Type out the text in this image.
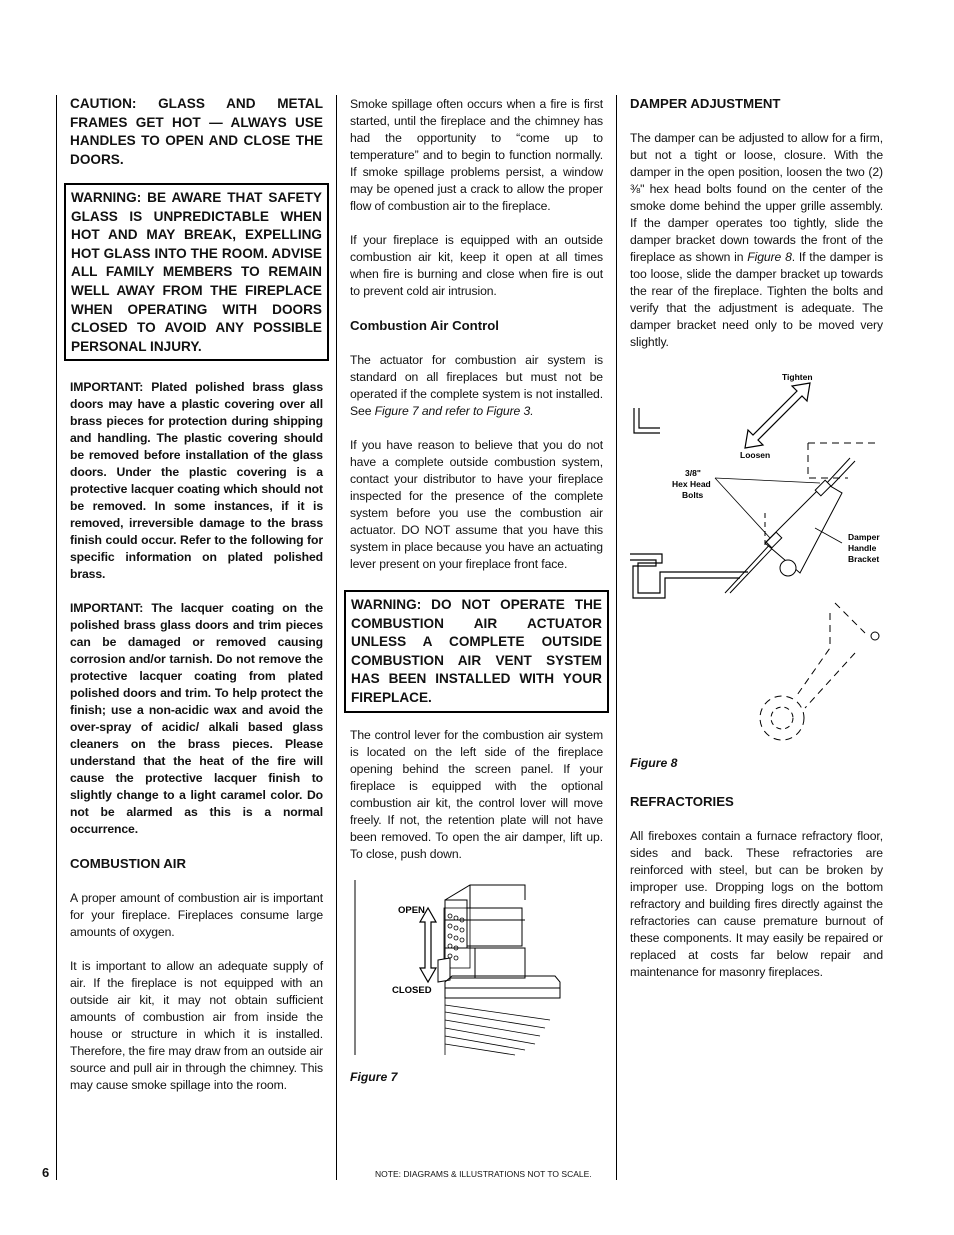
CAUTION: GLASS AND METAL FRAMES GET HOT — ALWAYS USE HANDLES TO OPEN AND CLOSE THE DOORS.
WARNING: BE AWARE THAT SAFETY GLASS IS UNPREDICTABLE WHEN HOT AND MAY BREAK, EXPELLING HOT GLASS INTO THE ROOM. ADVISE ALL FAMILY MEMBERS TO REMAIN WELL AWAY FROM THE FIREPLACE WHEN OPERATING WITH DOORS CLOSED TO AVOID ANY POSSIBLE PERSONAL INJURY.

IMPORTANT: Plated polished brass glass doors may have a plastic covering over all brass pieces for protection during shipping and handling. The plastic covering should be removed before installation of the glass doors. Under the plastic covering is a protective lacquer coating which should not be removed. In some instances, if it is removed, irreversible damage to the brass finish could occur. Refer to the following for specific information on plated polished brass.

IMPORTANT: The lacquer coating on the polished brass glass doors and trim pieces can be damaged or removed causing corrosion and/or tarnish. Do not remove the protective lacquer coating from plated polished doors and trim. To help protect the finish; use a non-acidic wax and avoid the over-spray of acidic/ alkali based glass cleaners on the brass pieces. Please understand that the heat of the fire will cause the protective lacquer finish to slightly change to a light caramel color. Do not be alarmed as this is a normal occurrence.

COMBUSTION AIR

A proper amount of combustion air is important for your fireplace. Fireplaces consume large amounts of oxygen.

It is important to allow an adequate supply of air. If the fireplace is not equipped with an outside air kit, it may not obtain sufficient amounts of combustion air from inside the house or structure in which it is installed. Therefore, the fire may draw from an outside air source and pull air in through the chimney. This may cause smoke spillage into the room.

Smoke spillage often occurs when a fire is first started, until the fireplace and the chimney has had the opportunity to “come up to temperature” and to begin to function normally. If smoke spillage problems persist, a window may be opened just a crack to allow the proper flow of combustion air to the fireplace.

If your fireplace is equipped with an outside combustion air kit, keep it open at all times when fire is burning and close when fire is out to prevent cold air intrusion.

Combustion Air Control

The actuator for combustion air system is standard on all fireplaces but must not be operated if the complete system is not installed. See Figure 7 and refer to Figure 3.

If you have reason to believe that you do not have a complete outside combustion system, contact your distributor to have your fireplace inspected for the presence of the complete system before you use the combustion air actuator. DO NOT assume that you have this system in place because you have an actuating lever present on your fireplace front face.

WARNING: DO NOT OPERATE THE COMBUSTION AIR ACTUATOR UNLESS A COMPLETE OUTSIDE COMBUSTION AIR VENT SYSTEM HAS BEEN INSTALLED WITH YOUR FIREPLACE.

The control lever for the combustion air system is located on the left side of the fireplace opening behind the screen panel. If your fireplace is equipped with the optional combustion air kit, the control lover will move freely. If not, the retention plate will not have been removed. To open the air damper, lift up. To close, push down.

OPEN
CLOSED
Figure 7
DAMPER ADJUSTMENT

The damper can be adjusted to allow for a firm, but not a tight or loose, closure. With the damper in the open position, loosen the two (2) ⅜" hex head bolts found on the center of the smoke dome behind the upper grille assembly. If the damper operates too tightly, slide the damper bracket down towards the front of the fireplace as shown in Figure 8. If the damper is too loose, slide the damper bracket up towards the rear of the fireplace. Tighten the bolts and verify that the adjustment is adequate. The damper bracket need only to be moved very slightly.

Tighten
Loosen
3/8"
Hex Head
Bolts
Damper
Handle
Bracket
Figure 8
REFRACTORIES

All fireboxes contain a furnace refractory floor, sides and back. These refractories are reinforced with steel, but can be broken by improper use. Dropping logs on the bottom refractory and building fires directly against the refractories can cause premature burnout of these components. It may easily be repaired or replaced at costs far below repair and maintenance for masonry fireplaces.

6	NOTE: DIAGRAMS & ILLUSTRATIONS NOT TO SCALE.
